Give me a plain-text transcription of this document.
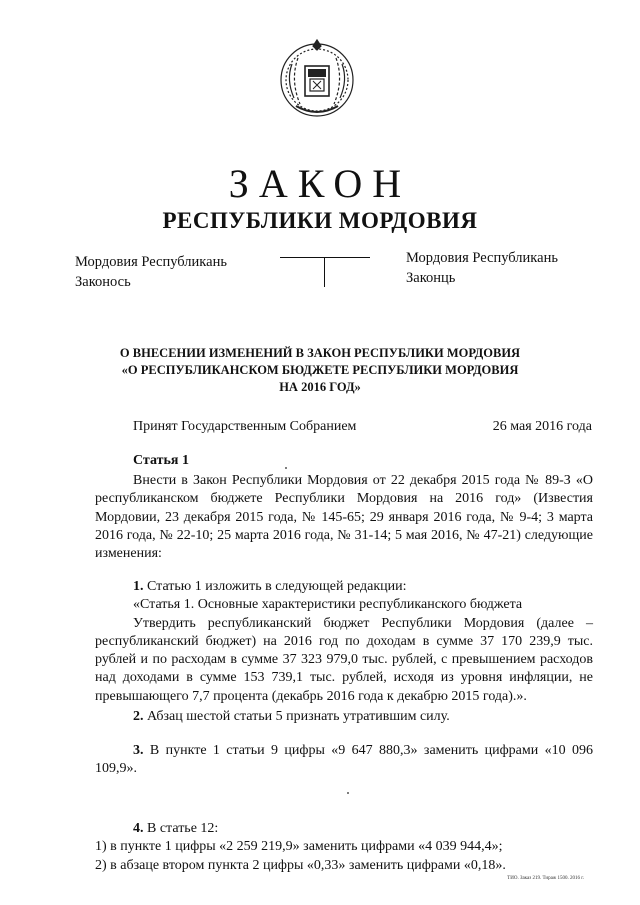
ЗАКОН
РЕСПУБЛИКИ МОРДОВИЯ
Мордовия Республикань
Законось
Мордовия Республикань
Законць
О ВНЕСЕНИИ ИЗМЕНЕНИЙ В ЗАКОН РЕСПУБЛИКИ МОРДОВИЯ
«О РЕСПУБЛИКАНСКОМ БЮДЖЕТЕ РЕСПУБЛИКИ МОРДОВИЯ
НА 2016 ГОД»
Принят Государственным Собранием	26 мая 2016 года
Статья 1

Внести в Закон Республики Мордовия от 22 декабря 2015 года № 89-З «О республиканском бюджете Республики Мордовия на 2016 год» (Известия Мордовии, 23 декабря 2015 года, № 145-65; 29 января 2016 года, № 9-4; 3 марта 2016 года, № 22-10; 25 марта 2016 года, № 31-14; 5 мая 2016, № 47-21) следующие изменения:

1. Статью 1 изложить в следующей редакции:
«Статья 1. Основные характеристики республиканского бюджета
Утвердить республиканский бюджет Республики Мордовия (далее – республиканский бюджет) на 2016 год по доходам в сумме 37 170 239,9 тыс. рублей и по расходам в сумме 37 323 979,0 тыс. рублей, с превышением расходов над доходами в сумме 153 739,1 тыс. рублей, исходя из уровня инфляции, не превышающего 7,7 процента (декабрь 2016 года к декабрю 2015 года).».
2. Абзац шестой статьи 5 признать утратившим силу.
3. В пункте 1 статьи 9 цифры «9 647 880,3» заменить цифрами «10 096 109,9».
4. В статье 12:
1) в пункте 1 цифры «2 259 219,9» заменить цифрами «4 039 944,4»;
2) в абзаце втором пункта 2 цифры «0,33» заменить цифрами «0,18».
ТИО. Заказ 219. Тираж 1500. 2016 г.
